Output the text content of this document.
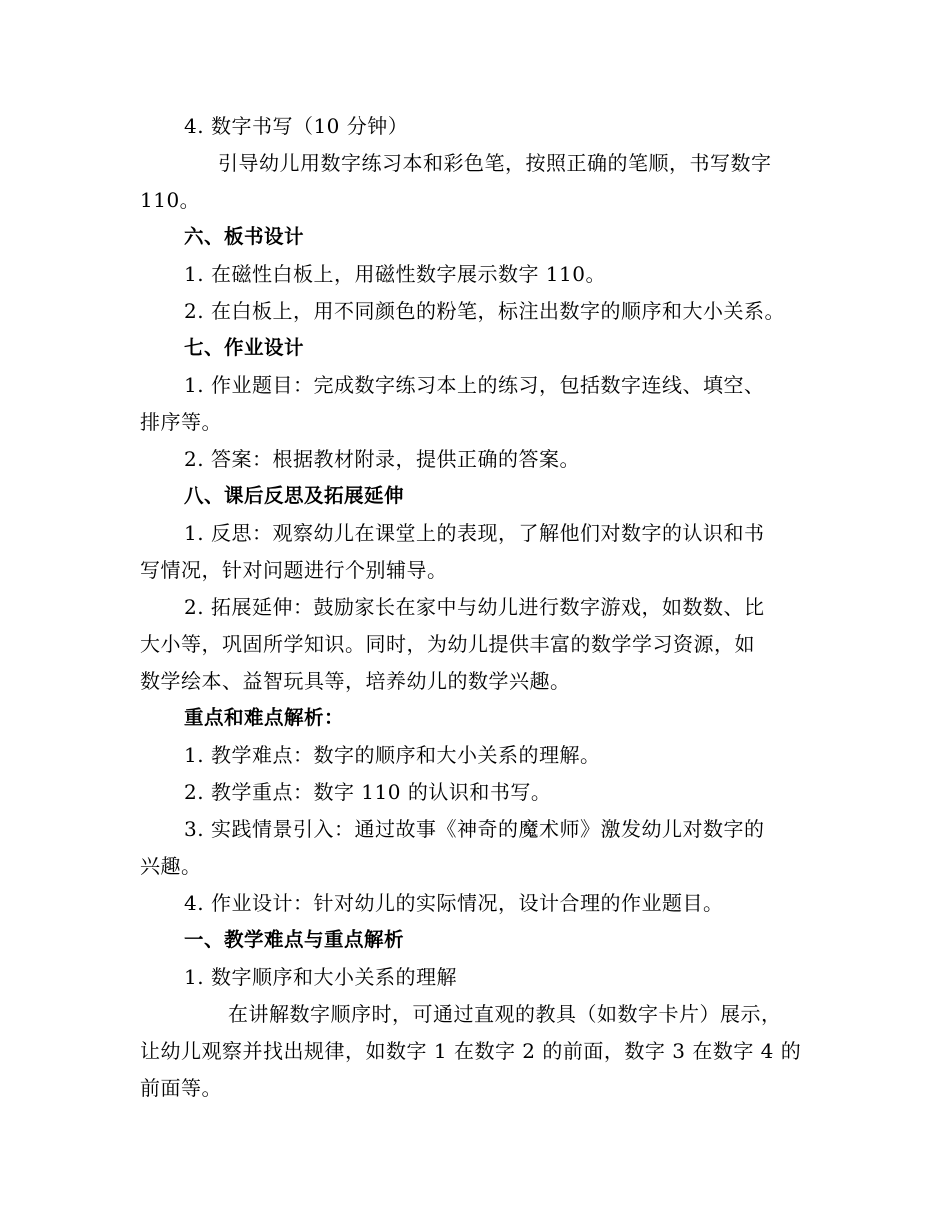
4. 数字书写（10 分钟）
引导幼儿用数字练习本和彩色笔，按照正确的笔顺，书写数字
110。
六、板书设计
1. 在磁性白板上，用磁性数字展示数字 110。
2. 在白板上，用不同颜色的粉笔，标注出数字的顺序和大小关系。
七、作业设计
1. 作业题目：完成数字练习本上的练习，包括数字连线、填空、
排序等。
2. 答案：根据教材附录，提供正确的答案。
八、课后反思及拓展延伸
1. 反思：观察幼儿在课堂上的表现，了解他们对数字的认识和书
写情况，针对问题进行个别辅导。
2. 拓展延伸：鼓励家长在家中与幼儿进行数字游戏，如数数、比
大小等，巩固所学知识。同时，为幼儿提供丰富的数学学习资源，如
数学绘本、益智玩具等，培养幼儿的数学兴趣。
重点和难点解析：
1. 教学难点：数字的顺序和大小关系的理解。
2. 教学重点：数字 110 的认识和书写。
3. 实践情景引入：通过故事《神奇的魔术师》激发幼儿对数字的
兴趣。
4. 作业设计：针对幼儿的实际情况，设计合理的作业题目。
一、教学难点与重点解析
1. 数字顺序和大小关系的理解
在讲解数字顺序时，可通过直观的教具（如数字卡片）展示，
让幼儿观察并找出规律，如数字 1 在数字 2 的前面，数字 3 在数字 4 的
前面等。
